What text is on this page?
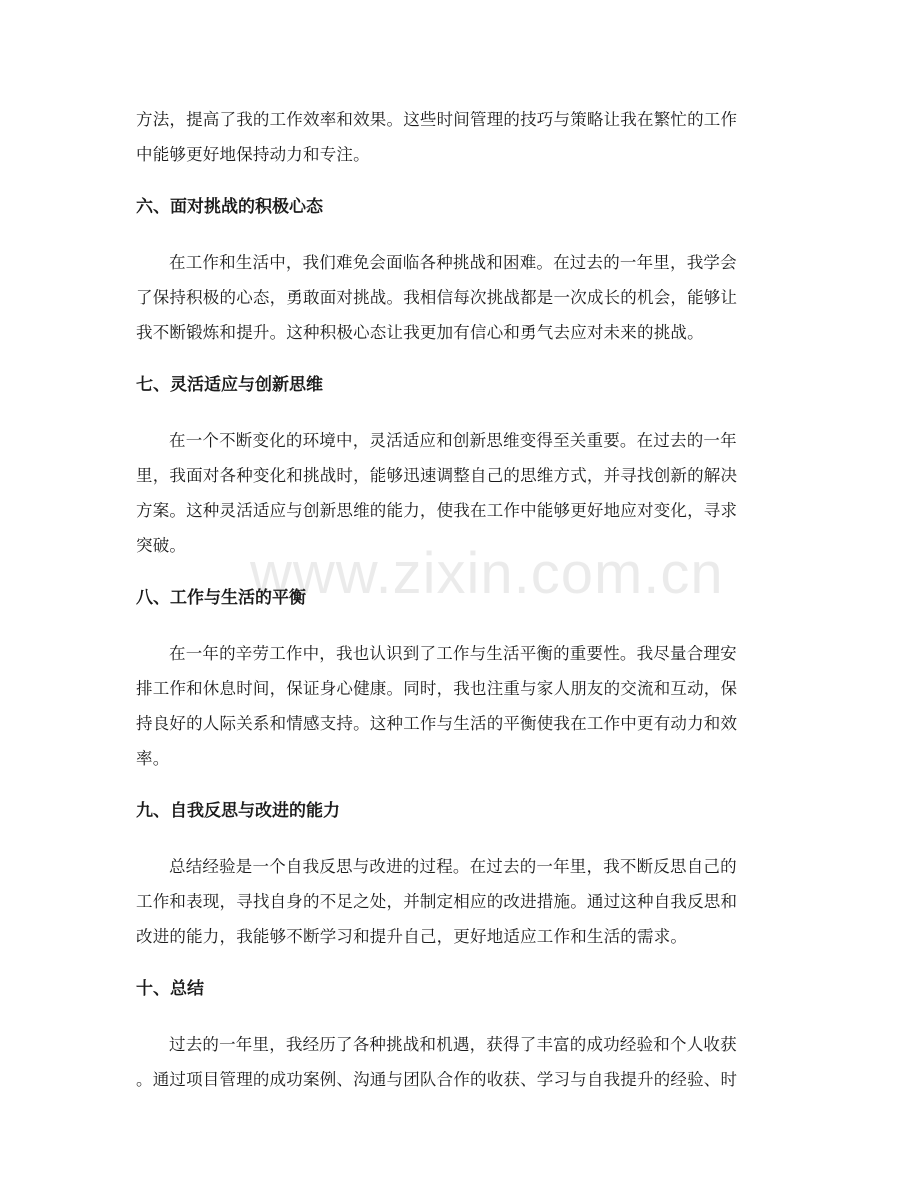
www.zixin.com.cn

方法，提高了我的工作效率和效果。这些时间管理的技巧与策略让我在繁忙的工作

中能够更好地保持动力和专注。

六、面对挑战的积极心态

在工作和生活中，我们难免会面临各种挑战和困难。在过去的一年里，我学会

了保持积极的心态，勇敢面对挑战。我相信每次挑战都是一次成长的机会，能够让

我不断锻炼和提升。这种积极心态让我更加有信心和勇气去应对未来的挑战。

七、灵活适应与创新思维

在一个不断变化的环境中，灵活适应和创新思维变得至关重要。在过去的一年

里，我面对各种变化和挑战时，能够迅速调整自己的思维方式，并寻找创新的解决

方案。这种灵活适应与创新思维的能力，使我在工作中能够更好地应对变化，寻求

突破。

八、工作与生活的平衡

在一年的辛劳工作中，我也认识到了工作与生活平衡的重要性。我尽量合理安

排工作和休息时间，保证身心健康。同时，我也注重与家人朋友的交流和互动，保

持良好的人际关系和情感支持。这种工作与生活的平衡使我在工作中更有动力和效

率。

九、自我反思与改进的能力

总结经验是一个自我反思与改进的过程。在过去的一年里，我不断反思自己的

工作和表现，寻找自身的不足之处，并制定相应的改进措施。通过这种自我反思和

改进的能力，我能够不断学习和提升自己，更好地适应工作和生活的需求。

十、总结

过去的一年里，我经历了各种挑战和机遇，获得了丰富的成功经验和个人收获

。通过项目管理的成功案例、沟通与团队合作的收获、学习与自我提升的经验、时
